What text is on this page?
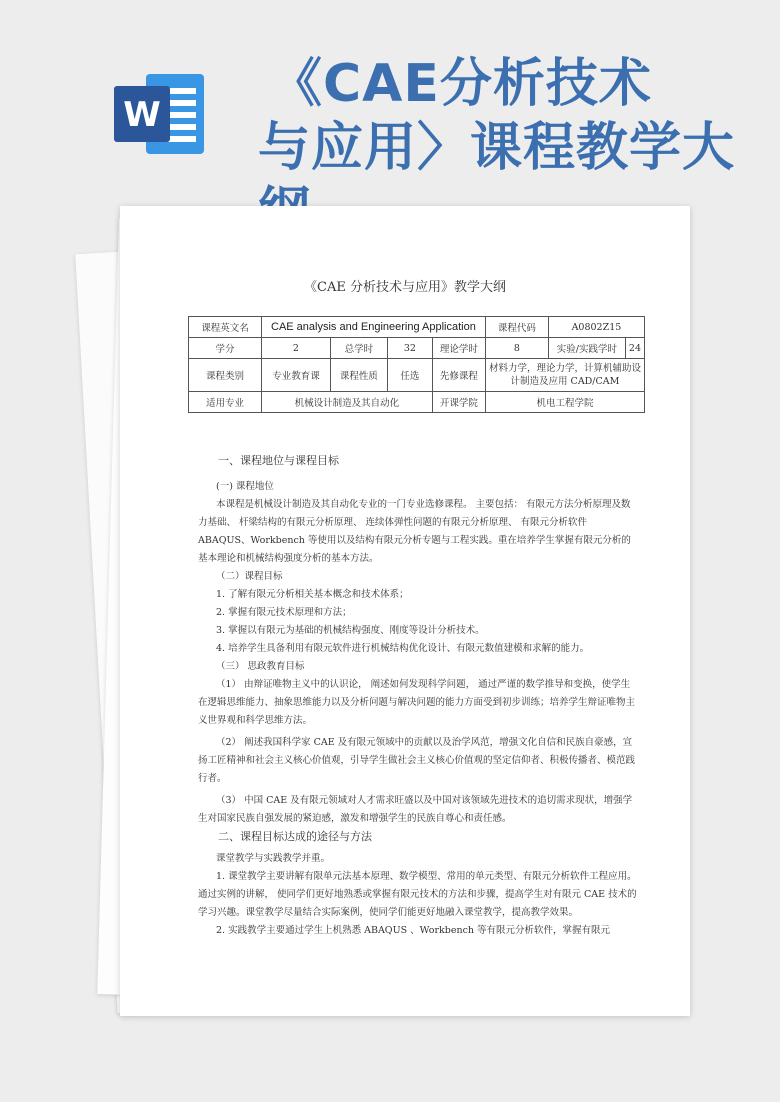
W
《CAE分析技术
与应用〉课程教学大
《CAE 分析技术与应用》教学大纲
课程英文名	CAE analysis and Engineering Application				课程代码	A0802Z15	
学分	2	总学时	32	理论学时	8	实验/实践学时	24
课程类别	专业教育课	课程性质	任选	先修课程	材料力学，理论力学，计算机辅助设
计制造及应用 CAD/CAM		

适用专业	机械设计制造及其自动化			开课学院	机电工程学院		

一、课程地位与课程目标

(一) 课程地位

本课程是机械设计制造及其自动化专业的一门专业选修课程。 主要包括： 有限元方法分析原理及数力基础、 杆梁结构的有限元分析原理、 连续体弹性问题的有限元分析原理、 有限元分析软件 ABAQUS、Workbench 等使用以及结构有限元分析专题与工程实践。重在培养学生掌握有限元分析的基本理论和机械结构强度分析的基本方法。

（二）课程目标

1. 了解有限元分析相关基本概念和技术体系；

2. 掌握有限元技术原理和方法；

3. 掌握以有限元为基础的机械结构强度、刚度等设计分析技术。

4. 培养学生具备利用有限元软件进行机械结构优化设计、有限元数值建模和求解的能力。

（三） 思政教育目标

（1） 由辩证唯物主义中的认识论， 阐述如何发现科学问题， 通过严谨的数学推导和变换，使学生在逻辑思维能力、抽象思维能力以及分析问题与解决问题的能力方面受到初步训练；培养学生辩证唯物主义世界观和科学思维方法。

（2） 阐述我国科学家 CAE 及有限元领域中的贡献以及治学风范，增强文化自信和民族自豪感，宣扬工匠精神和社会主义核心价值观，引导学生做社会主义核心价值观的坚定信仰者、积极传播者、模范践行者。

（3） 中国 CAE 及有限元领域对人才需求旺盛以及中国对该领域先进技术的追切需求现状，增强学生对国家民族自强发展的紧迫感，激发和增强学生的民族自尊心和责任感。

二、课程目标达成的途径与方法

课堂教学与实践教学并重。

1. 课堂教学主要讲解有限单元法基本原理、数学模型、常用的单元类型、有限元分析软件工程应用。 通过实例的讲解， 使同学们更好地熟悉或掌握有限元技术的方法和步骤，提高学生对有限元 CAE 技术的学习兴趣。课堂教学尽量结合实际案例，使同学们能更好地融入课堂教学，提高教学效果。

2. 实践教学主要通过学生上机熟悉 ABAQUS 、Workbench 等有限元分析软件，掌握有限元
